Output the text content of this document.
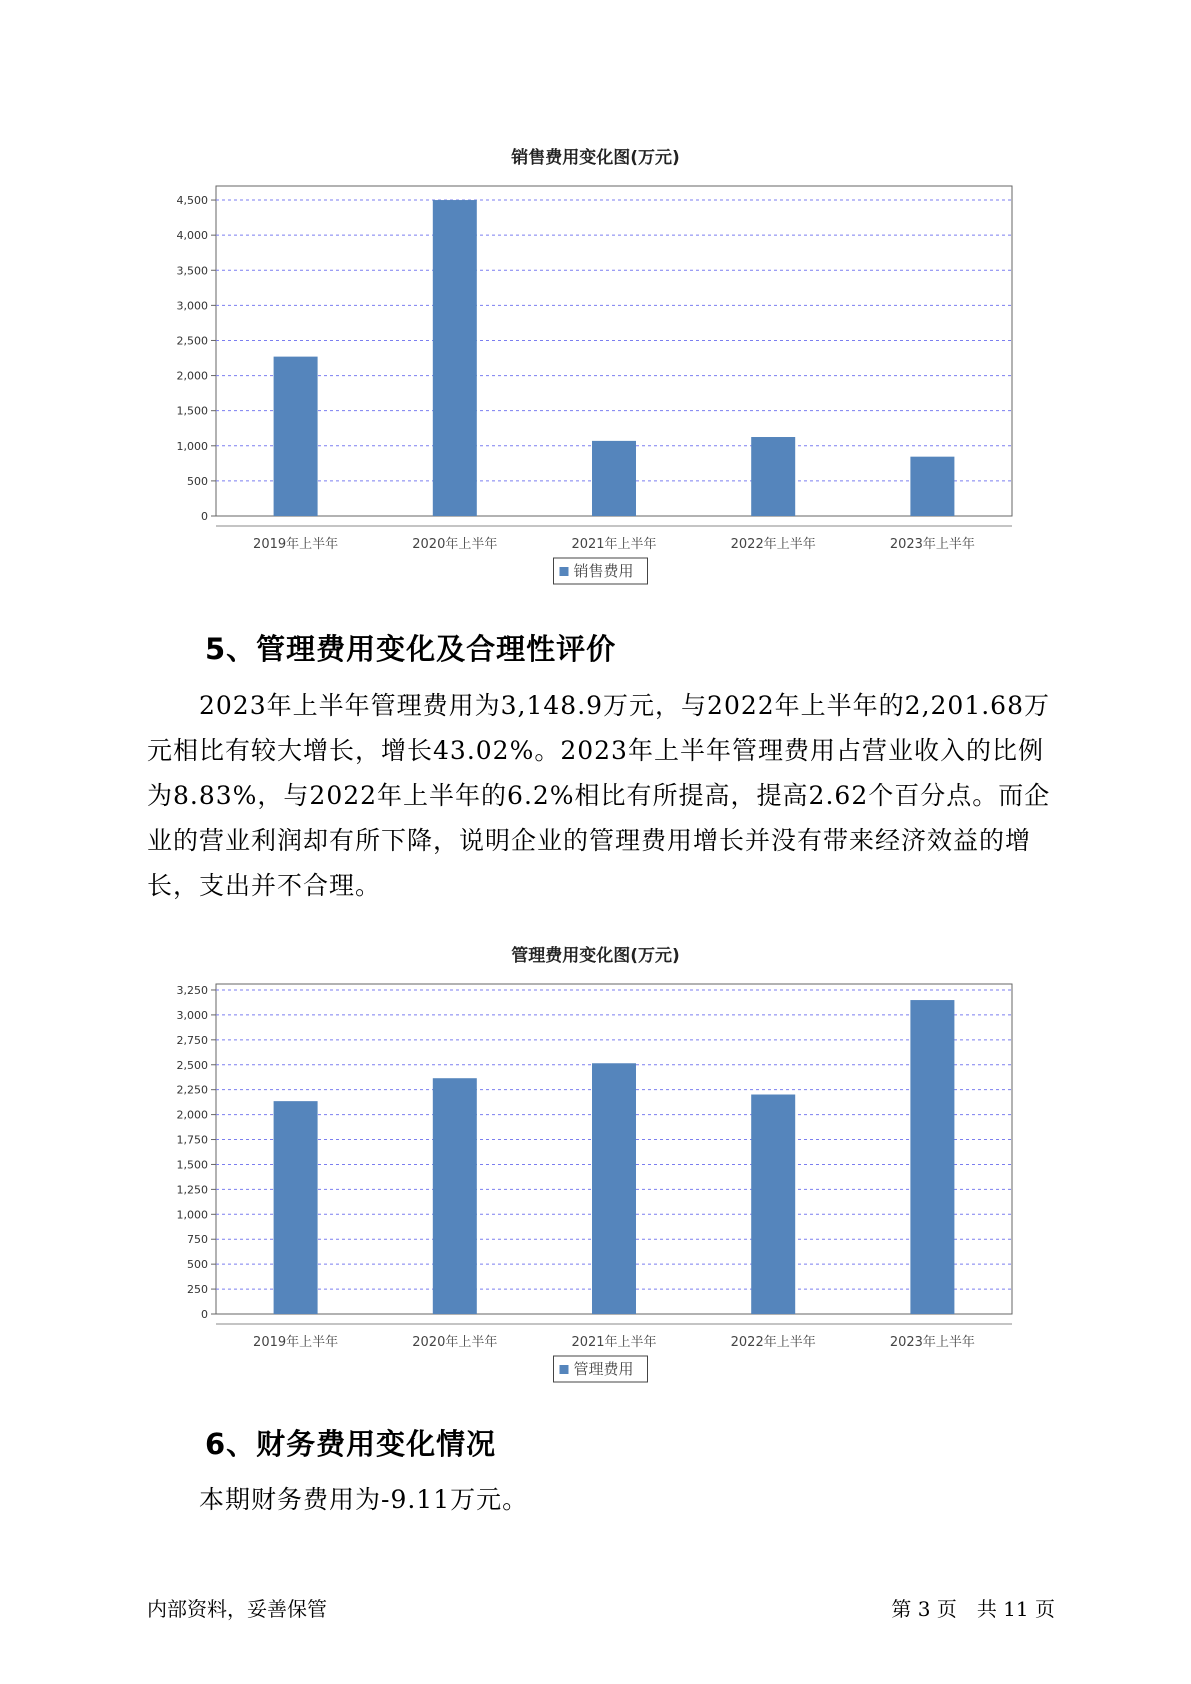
销售费用变化图(万元)
0
500
1,000
1,500
2,000
2,500
3,000
3,500
4,000
4,500
2019年上半年	2020年上半年	2021年上半年	2022年上半年	2023年上半年
销售费用
5、管理费用变化及合理性评价

2023年上半年管理费用为3,148.9万元，与2022年上半年的2,201.68万元相比有较大增长，增长43.02%。2023年上半年管理费用占营业收入的比例为8.83%，与2022年上半年的6.2%相比有所提高，提高2.62个百分点。而企业的营业利润却有所下降，说明企业的管理费用增长并没有带来经济效益的增长，支出并不合理。

管理费用变化图(万元)
0
250
500
750
1,000
1,250
1,500
1,750
2,000
2,250
2,500
2,750
3,000
3,250
2019年上半年	2020年上半年	2021年上半年	2022年上半年	2023年上半年
管理费用
6、财务费用变化情况

本期财务费用为-9.11万元。

内部资料，妥善保管	第 3 页　共 11 页
